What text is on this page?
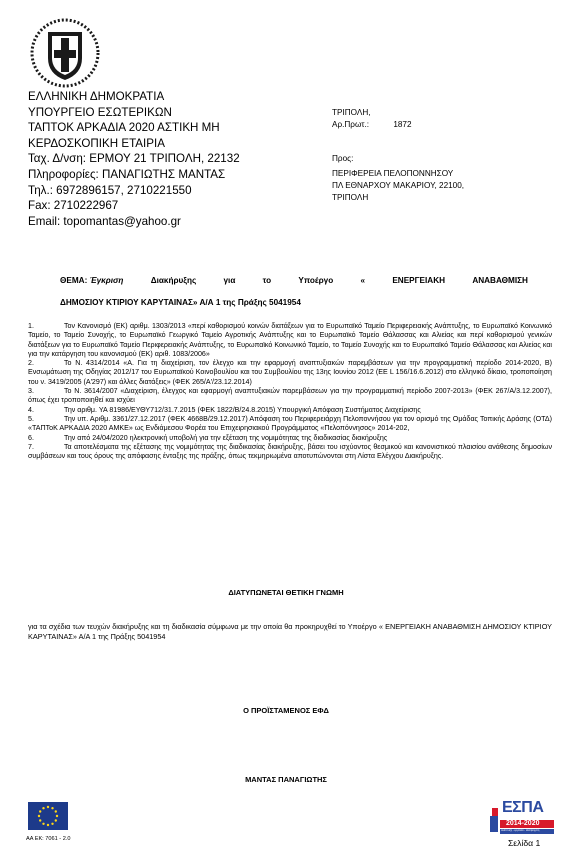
ΕΛΛΗΝΙΚΗ ΔΗΜΟΚΡΑΤΙΑ
ΥΠΟΥΡΓΕΙΟ ΕΣΩΤΕΡΙΚΩΝ
ΤΑΠΤΟΚ ΑΡΚΑΔΙΑ 2020 ΑΣΤΙΚΗ ΜΗ
ΚΕΡΔΟΣΚΟΠΙΚΗ ΕΤΑΙΡΙΑ
Ταχ. Δ/νση: ΕΡΜΟΥ 21 ΤΡΙΠΟΛΗ, 22132
Πληροφορίες: ΠΑΝΑΓΙΩΤΗΣ ΜΑΝΤΑΣ
Τηλ.: 6972896157, 2710221550
Fax: 2710222967
Email: topomantas@yahoo.gr
ΤΡΙΠΟΛΗ,
Αρ.Πρωτ.:	1872
Προς:
ΠΕΡΙΦΕΡΕΙΑ ΠΕΛΟΠΟΝΝΗΣΟΥ
ΠΛ ΕΘΝΑΡΧΟΥ ΜΑΚΑΡΙΟΥ, 22100,
ΤΡΙΠΟΛΗ
ΘΕΜΑ: Έγκριση	Διακήρυξης	για	το	Υποέργο	«	ΕΝΕΡΓΕΙΑΚΗ	ΑΝΑΒΑΘΜΙΣΗ
ΔΗΜΟΣΙΟΥ ΚΤΙΡΙΟΥ ΚΑΡΥΤΑΙΝΑΣ» Α/Α 1 της Πράξης 5041954

1.	Τον Κανονισμό (ΕΚ) αριθμ. 1303/2013 «περί καθορισμού κοινών διατάξεων για το Ευρωπαϊκό Ταμείο Περιφερειακής Ανάπτυξης, το Ευρωπαϊκό Κοινωνικό Ταμείο, το Ταμείο Συνοχής, το Ευρωπαϊκό Γεωργικό Ταμείο Αγροτικής Ανάπτυξης και το Ευρωπαϊκό Ταμείο Θάλασσας και Αλιείας και περί καθορισμού γενικών διατάξεων για το Ευρωπαϊκό Ταμείο Περιφερειακής Ανάπτυξης, το Ευρωπαϊκό Κοινωνικό Ταμείο, το Ταμείο Συνοχής και το Ευρωπαϊκό Ταμείο Θάλασσας και Αλιείας και για την κατάργηση του κανονισμού (ΕΚ) αριθ. 1083/2006»

2.	Το Ν. 4314/2014 «Α. Για τη διαχείριση, τον έλεγχο και την εφαρμογή αναπτυξιακών παρεμβάσεων για την προγραμματική περίοδο 2014-2020, Β) Ενσωμάτωση της Οδηγίας 2012/17 του Ευρωπαϊκού Κοινοβουλίου και του Συμβουλίου της 13ης Ιουνίου 2012 (ΕΕ L 156/16.6.2012) στο ελληνικό δίκαιο, τροποποίηση του ν. 3419/2005 (Α'297) και άλλες διατάξεις» (ΦΕΚ 265/Α'/23.12.2014)

3.	Το Ν. 3614/2007 «Διαχείριση, έλεγχος και εφαρμογή αναπτυξιακών παρεμβάσεων για την προγραμματική περίοδο 2007-2013» (ΦΕΚ 267/Α/3.12.2007), όπως έχει τροποποιηθεί και ισχύει

4.	Την αριθμ. ΥΑ 81986/ΕΥΘΥ712/31.7.2015 (ΦΕΚ 1822/Β/24.8.2015) Υπουργική Απόφαση Συστήματος Διαχείρισης

5.	Την υπ. Αριθμ. 3361/27.12.2017 (ΦΕΚ 4668Β/29.12.2017) Απόφαση του Περιφερειάρχη Πελοποννήσου για τον ορισμό της Ομάδας Τοπικής Δράσης (ΟΤΔ) «ΤΑΠΤοΚ ΑΡΚΑΔΙΑ 2020 ΑΜΚΕ» ως Ενδιάμεσου Φορέα του Επιχειρησιακού Προγράμματος «Πελοπόννησος» 2014-202,

6.	Την από 24/04/2020 ηλεκτρονική υποβολή για την εξέταση της νομιμότητας της διαδικασίας διακήρυξης

7.	Τα αποτελέσματα της εξέτασης της νομιμότητας της διαδικασίας διακήρυξης, βάσει του ισχύοντος θεσμικού και κανονιστικού πλαισίου ανάθεσης δημοσίων συμβάσεων και τους όρους της απόφασης ένταξης της πράξης, όπως τεκμηριωμένα αποτυπώνονται στη Λίστα Ελέγχου Διακήρυξης.

ΔΙΑΤΥΠΩΝΕΤΑΙ ΘΕΤΙΚΗ ΓΝΩΜΗ
για τα σχέδια των τευχών διακήρυξης και τη διαδικασία σύμφωνα με την οποία θα προκηρυχθεί το Υποέργο « ΕΝΕΡΓΕΙΑΚΗ ΑΝΑΒΑΘΜΙΣΗ ΔΗΜΟΣΙΟΥ ΚΤΙΡΙΟΥ ΚΑΡΥΤΑΙΝΑΣ» Α/Α 1 της Πράξης 5041954
Ο ΠΡΟΪΣΤΑΜΕΝΟΣ ΕΦΔ
ΜΑΝΤΑΣ ΠΑΝΑΓΙΩΤΗΣ
ΑΑ ΕΚ: 7061 - 2.0
ΕΣΠΑ
2014-2020
ανάπτυξη - εργασία - αλληλεγγύη
Σελίδα 1
